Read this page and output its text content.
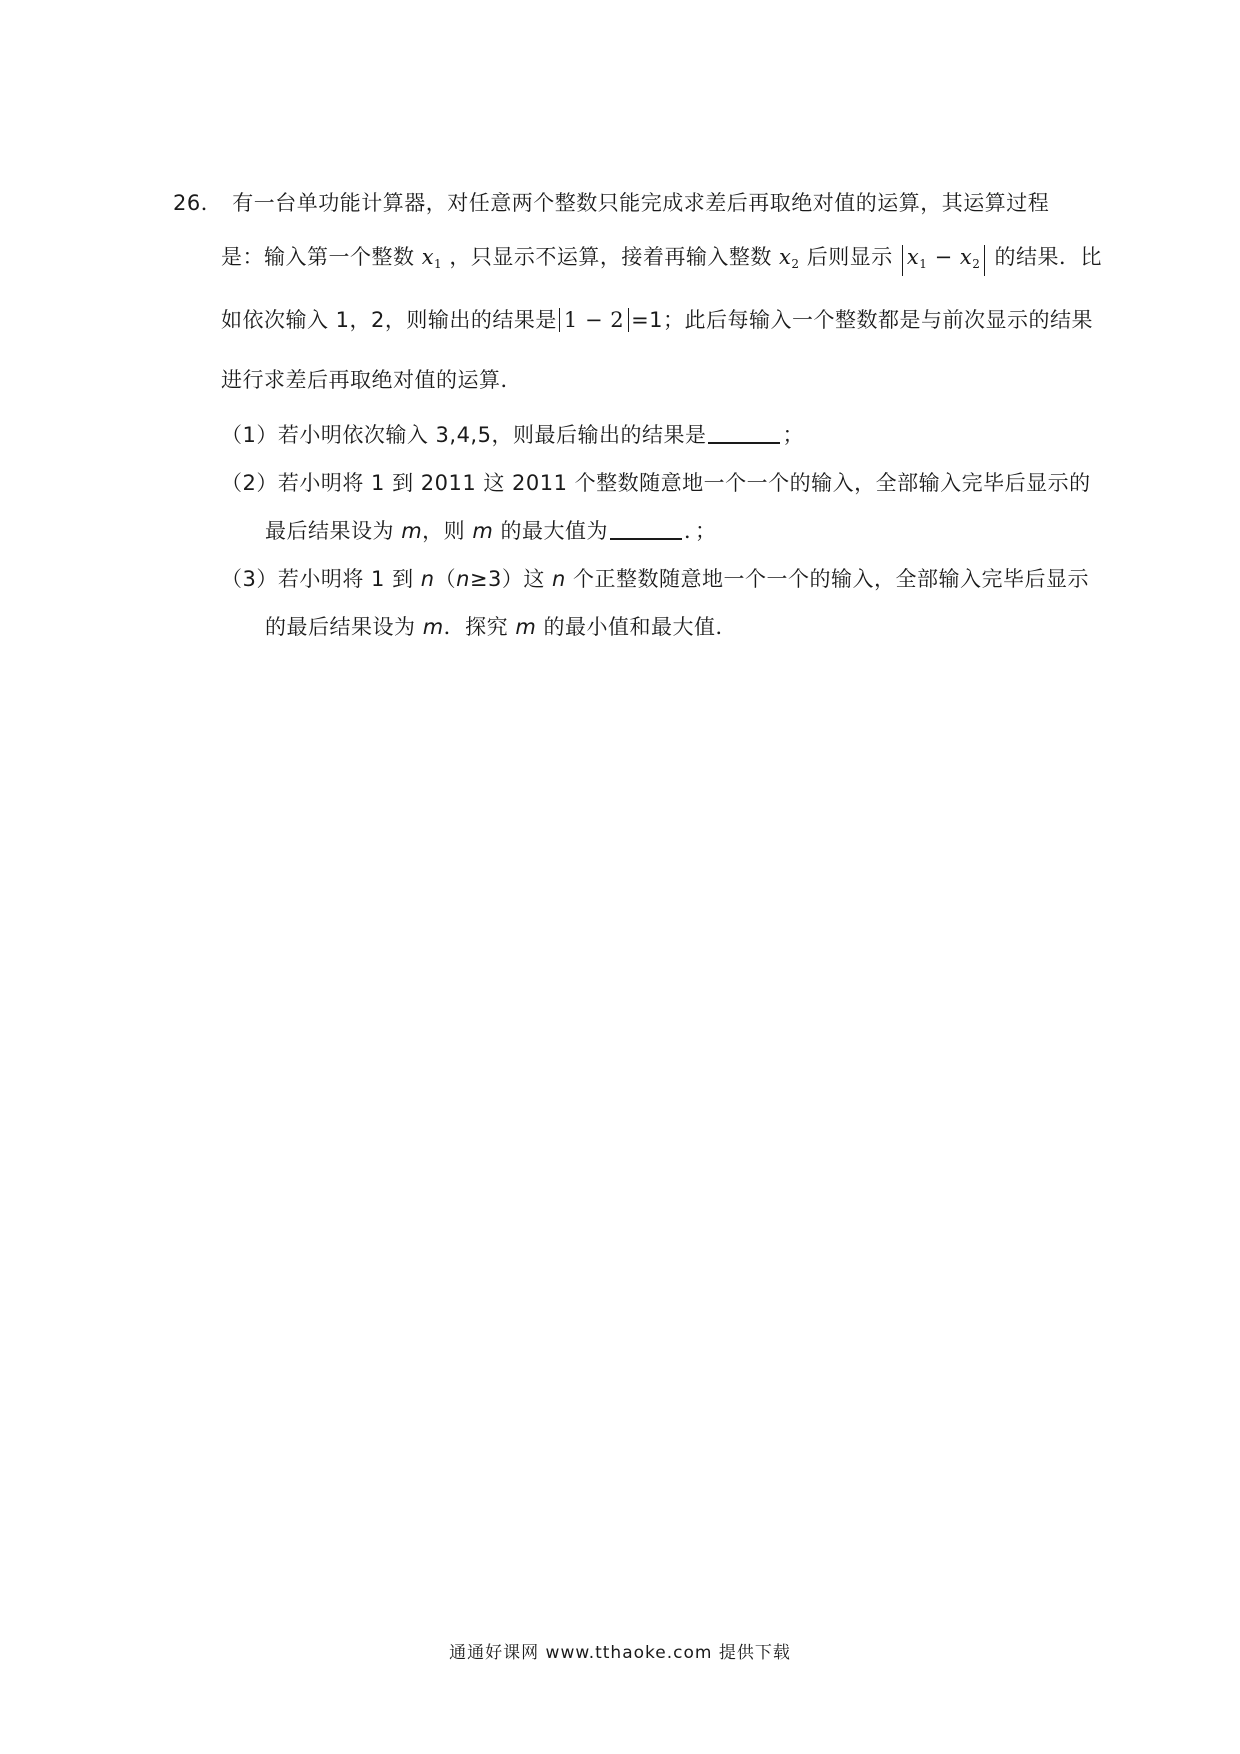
26． 有一台单功能计算器，对任意两个整数只能完成求差后再取绝对值的运算，其运算过程
是：输入第一个整数 $x_1$ ，只显示不运算，接着再输入整数 $x_2$ 后则显示 $x_1 - x_2$ 的结果．比
如依次输入 1，2，则输出的结果是 1 − 2 =1；此后每输入一个整数都是与前次显示的结果
进行求差后再取绝对值的运算．
（1）若小明依次输入 3,4,5，则最后输出的结果是	；
（2）若小明将 1 到 2011 这 2011 个整数随意地一个一个的输入，全部输入完毕后显示的
最后结果设为 m，则 m 的最大值为	．；
（3）若小明将 1 到 n（n≥3）这 n 个正整数随意地一个一个的输入，全部输入完毕后显示
的最后结果设为 m．探究 m 的最小值和最大值．
通通好课网 www.tthaoke.com 提供下载
